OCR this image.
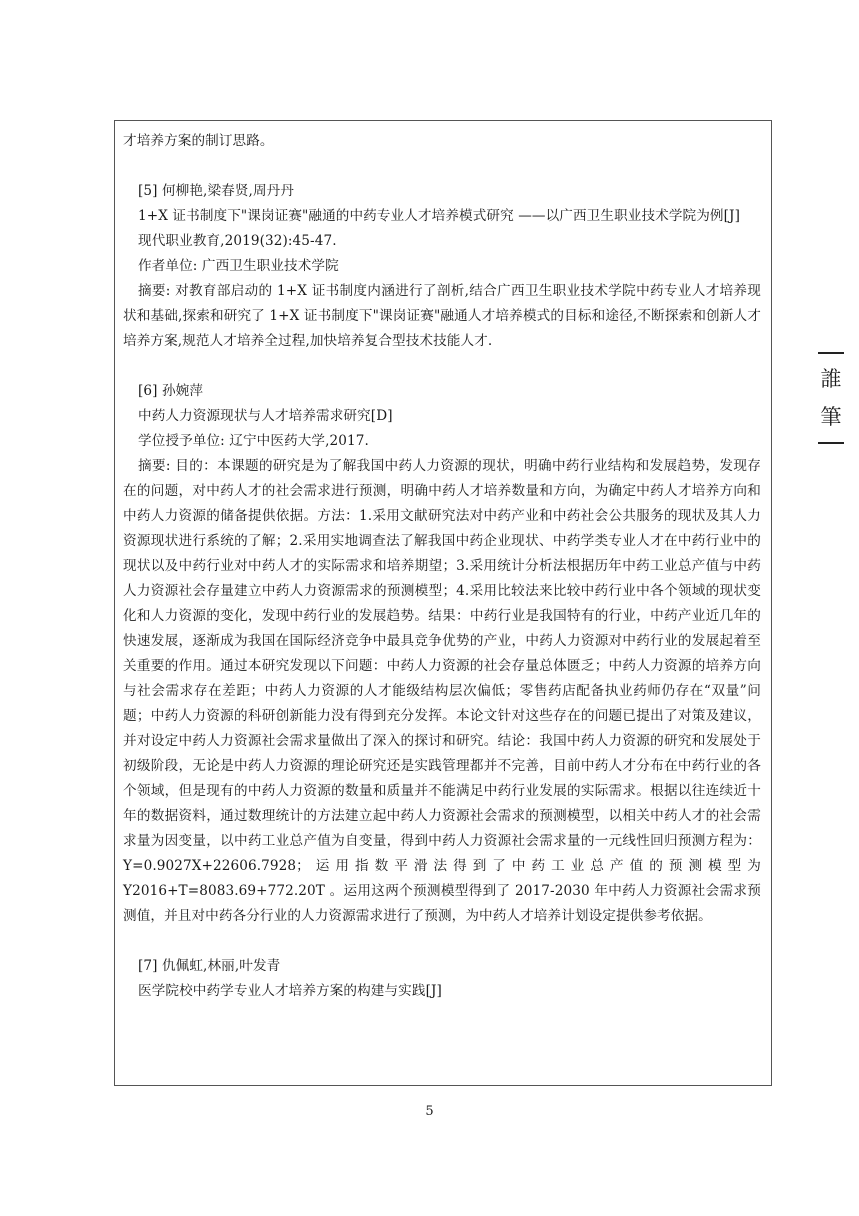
才培养方案的制订思路。

[5] 何柳艳,梁春贤,周丹丹

1+X 证书制度下"课岗证赛"融通的中药专业人才培养模式研究 ——以广西卫生职业技术学院为例[J]

现代职业教育,2019(32):45-47.

作者单位: 广西卫生职业技术学院

摘要: 对教育部启动的 1+X 证书制度内涵进行了剖析,结合广西卫生职业技术学院中药专业人才培养现状和基础,探索和研究了 1+X 证书制度下"课岗证赛"融通人才培养模式的目标和途径,不断探索和创新人才培养方案,规范人才培养全过程,加快培养复合型技术技能人才.

[6] 孙婉萍

中药人力资源现状与人才培养需求研究[D]

学位授予单位: 辽宁中医药大学,2017.

摘要: 目的：本课题的研究是为了解我国中药人力资源的现状，明确中药行业结构和发展趋势，发现存在的问题，对中药人才的社会需求进行预测，明确中药人才培养数量和方向，为确定中药人才培养方向和中药人力资源的储备提供依据。方法：1.采用文献研究法对中药产业和中药社会公共服务的现状及其人力资源现状进行系统的了解；2.采用实地调查法了解我国中药企业现状、中药学类专业人才在中药行业中的现状以及中药行业对中药人才的实际需求和培养期望；3.采用统计分析法根据历年中药工业总产值与中药人力资源社会存量建立中药人力资源需求的预测模型；4.采用比较法来比较中药行业中各个领域的现状变化和人力资源的变化，发现中药行业的发展趋势。结果：中药行业是我国特有的行业，中药产业近几年的快速发展，逐渐成为我国在国际经济竞争中最具竞争优势的产业，中药人力资源对中药行业的发展起着至关重要的作用。通过本研究发现以下问题：中药人力资源的社会存量总体匮乏；中药人力资源的培养方向与社会需求存在差距；中药人力资源的人才能级结构层次偏低；零售药店配备执业药师仍存在“双量”问题；中药人力资源的科研创新能力没有得到充分发挥。本论文针对这些存在的问题已提出了对策及建议，并对设定中药人力资源社会需求量做出了深入的探讨和研究。结论：我国中药人力资源的研究和发展处于初级阶段，无论是中药人力资源的理论研究还是实践管理都并不完善，目前中药人才分布在中药行业的各个领域，但是现有的中药人力资源的数量和质量并不能满足中药行业发展的实际需求。根据以往连续近十年的数据资料，通过数理统计的方法建立起中药人力资源社会需求的预测模型，以相关中药人才的社会需求量为因变量，以中药工业总产值为自变量，得到中药人力资源社会需求量的一元线性回归预测方程为：Y=0.9027X+22606.7928；运用指数平滑法得到了中药工业总产值的预测模型为 Y2016+T=8083.69+772.20T 。运用这两个预测模型得到了 2017-2030 年中药人力资源社会需求预测值，并且对中药各分行业的人力资源需求进行了预测，为中药人才培养计划设定提供参考依据。

[7] 仇佩虹,林丽,叶发青

医学院校中药学专业人才培养方案的构建与实践[J]

誰
筆
5
